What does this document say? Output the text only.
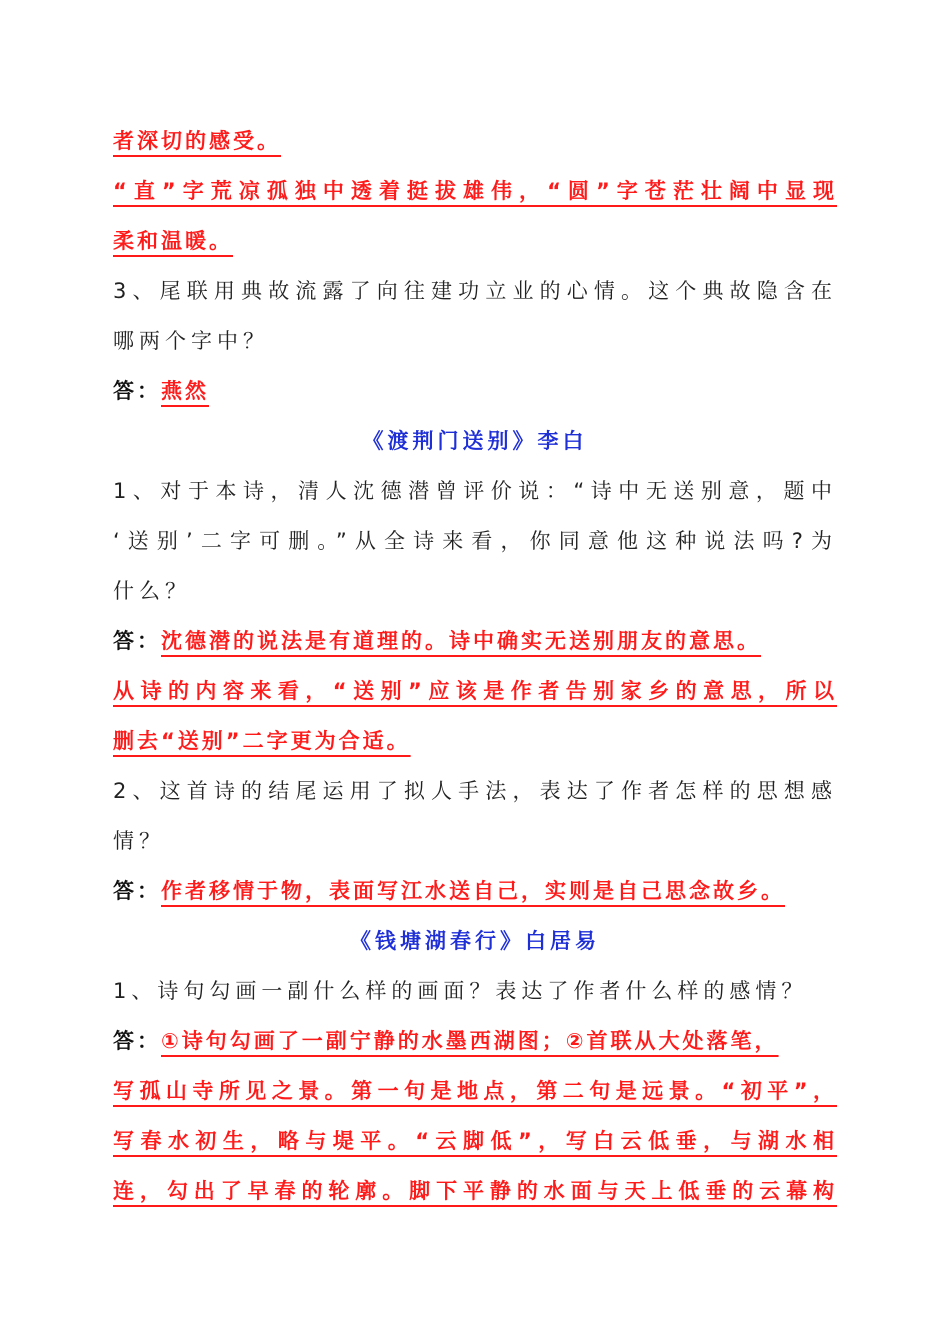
者深切的感受。
“直”字荒凉孤独中透着挺拔雄伟，“圆”字苍茫壮阔中显现
柔和温暖。
3、尾联用典故流露了向往建功立业的心情。这个典故隐含在
哪两个字中？
答：燕然
《渡荆门送别》李白
1、对于本诗，清人沈德潜曾评价说：“诗中无送别意，题中
‘送别’二字可删。”从全诗来看，你同意他这种说法吗?为
什么？
答：沈德潜的说法是有道理的。诗中确实无送别朋友的意思。
从诗的内容来看，“送别”应该是作者告别家乡的意思，所以
删去“送别”二字更为合适。
2、这首诗的结尾运用了拟人手法，表达了作者怎样的思想感
情？
答：作者移情于物，表面写江水送自己，实则是自己思念故乡。
《钱塘湖春行》白居易
1、诗句勾画一副什么样的画面？表达了作者什么样的感情？
答：①诗句勾画了一副宁静的水墨西湖图；②首联从大处落笔，
写孤山寺所见之景。第一句是地点，第二句是远景。“初平”，
写春水初生，略与堤平。“云脚低”，写白云低垂，与湖水相
连，勾出了早春的轮廓。脚下平静的水面与天上低垂的云幕构
